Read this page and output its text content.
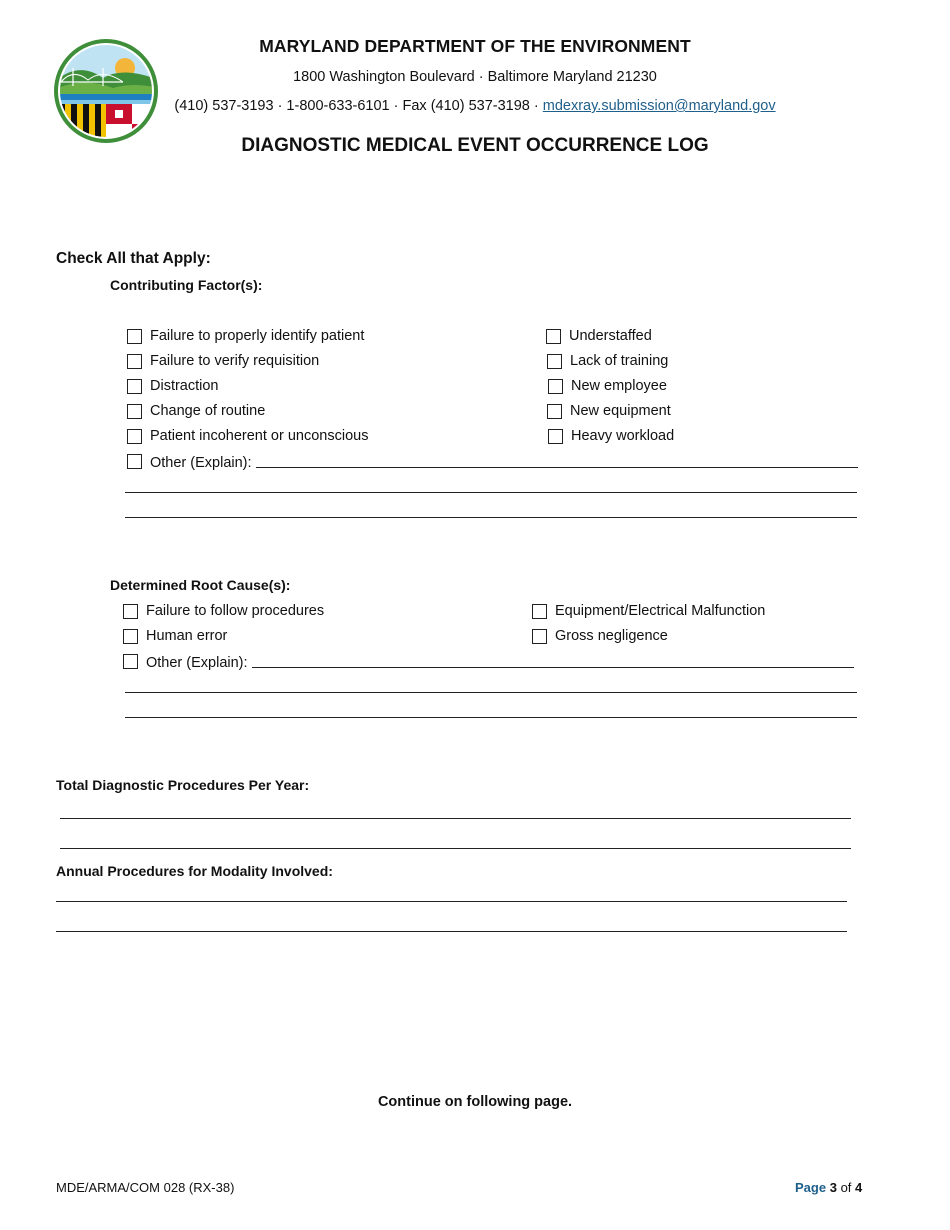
MARYLAND DEPARTMENT OF THE ENVIRONMENT
1800 Washington Boulevard · Baltimore Maryland 21230
(410) 537-3193 · 1-800-633-6101 · Fax (410) 537-3198 · mdexray.submission@maryland.gov
DIAGNOSTIC MEDICAL EVENT OCCURRENCE LOG
Check All that Apply:
Contributing Factor(s):
Failure to properly identify patient
Failure to verify requisition
Distraction
Change of routine
Patient incoherent or unconscious
Understaffed
Lack of training
New employee
New equipment
Heavy workload
Other (Explain):
Determined Root Cause(s):
Failure to follow procedures
Human error
Equipment/Electrical Malfunction
Gross negligence
Other (Explain):
Total Diagnostic Procedures Per Year:
Annual Procedures for Modality Involved:
Continue on following page.
MDE/ARMA/COM 028 (RX-38)	Page 3 of 4
